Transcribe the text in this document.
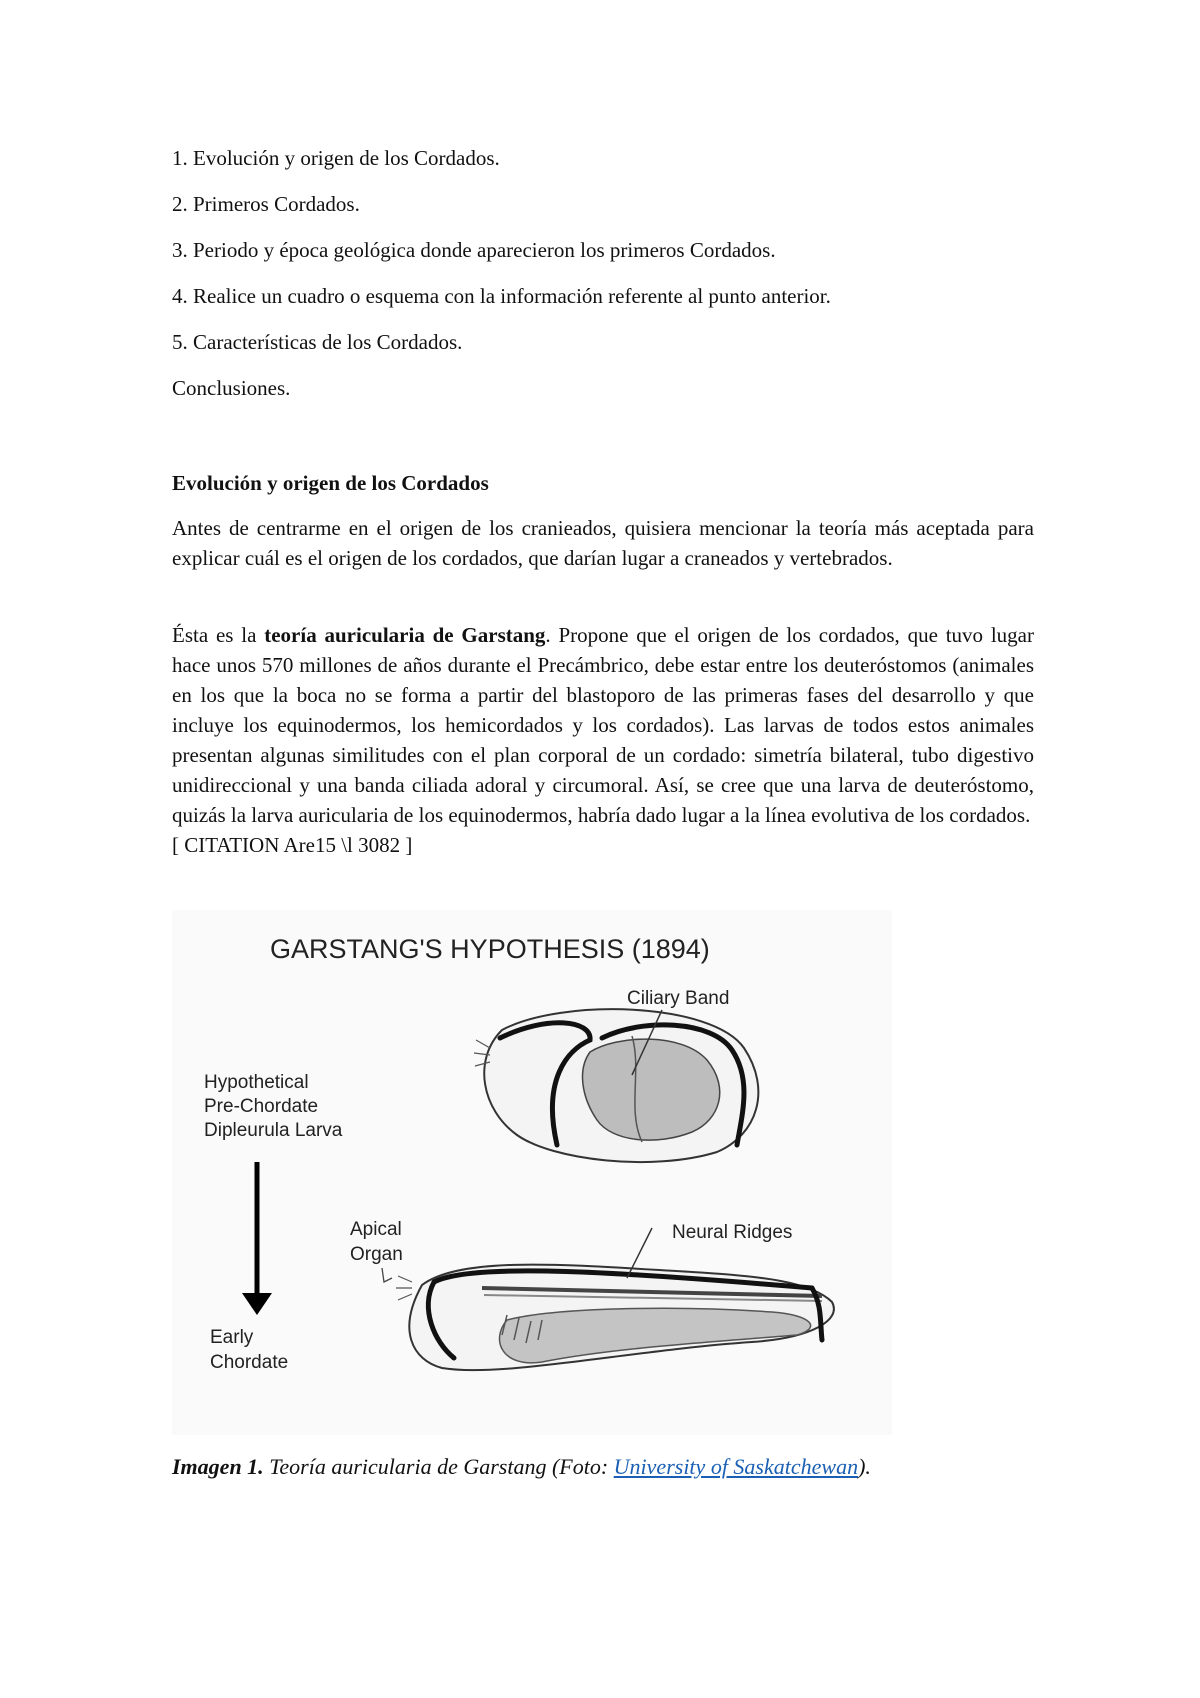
1. Evolución y origen de los Cordados.
2. Primeros Cordados.
3. Periodo y época geológica donde aparecieron los primeros Cordados.
4. Realice un cuadro o esquema con la información referente al punto anterior.
5. Características de los Cordados.
Conclusiones.
Evolución y origen de los Cordados

Antes de centrarme en el origen de los cranieados, quisiera mencionar la teoría más aceptada para explicar cuál es el origen de los cordados, que darían lugar a craneados y vertebrados.

Ésta es la teoría auricularia de Garstang. Propone que el origen de los cordados, que tuvo lugar hace unos 570 millones de años durante el Precámbrico, debe estar entre los deuteróstomos (animales en los que la boca no se forma a partir del blastoporo de las primeras fases del desarrollo y que incluye los equinodermos, los hemicordados y los cordados). Las larvas de todos estos animales presentan algunas similitudes con el plan corporal de un cordado: simetría bilateral, tubo digestivo unidireccional y una banda ciliada adoral y circumoral. Así, se cree que una larva de deuteróstomo, quizás la larva auricularia de los equinodermos, habría dado lugar a la línea evolutiva de los cordados.
[ CITATION Are15 \l 3082 ]

GARSTANG'S HYPOTHESIS (1894)
Ciliary Band
Hypothetical
Pre-Chordate
Dipleurula Larva
Early
Chordate
Apical
Organ
Neural Ridges

Imagen 1. Teoría auricularia de Garstang (Foto: University of Saskatchewan).
